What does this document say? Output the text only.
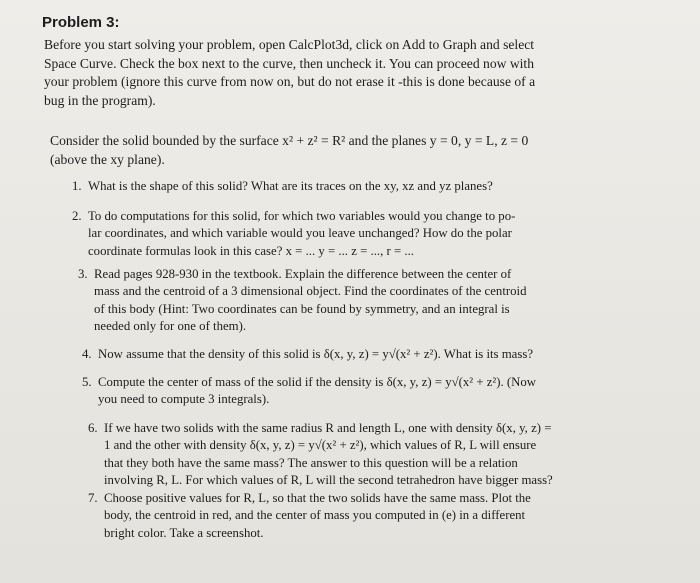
Problem 3:
Before you start solving your problem, open CalcPlot3d, click on Add to Graph and select
Space Curve. Check the box next to the curve, then uncheck it. You can proceed now with
your problem (ignore this curve from now on, but do not erase it -this is done because of a
bug in the program).
Consider the solid bounded by the surface x² + z² = R² and the planes y = 0, y = L, z = 0
(above the xy plane).
1. What is the shape of this solid? What are its traces on the xy, xz and yz planes?
2. To do computations for this solid, for which two variables would you change to po-
lar coordinates, and which variable would you leave unchanged? How do the polar
coordinate formulas look in this case? x = ... y = ... z = ..., r = ...
3. Read pages 928-930 in the textbook. Explain the difference between the center of
mass and the centroid of a 3 dimensional object. Find the coordinates of the centroid
of this body (Hint: Two coordinates can be found by symmetry, and an integral is
needed only for one of them).
4. Now assume that the density of this solid is δ(x, y, z) = y√(x² + z²). What is its mass?
5. Compute the center of mass of the solid if the density is δ(x, y, z) = y√(x² + z²). (Now
you need to compute 3 integrals).
6. If we have two solids with the same radius R and length L, one with density δ(x, y, z) =
1 and the other with density δ(x, y, z) = y√(x² + z²), which values of R, L will ensure
that they both have the same mass? The answer to this question will be a relation
involving R, L. For which values of R, L will the second tetrahedron have bigger mass?
7. Choose positive values for R, L, so that the two solids have the same mass. Plot the
body, the centroid in red, and the center of mass you computed in (e) in a different
bright color. Take a screenshot.
